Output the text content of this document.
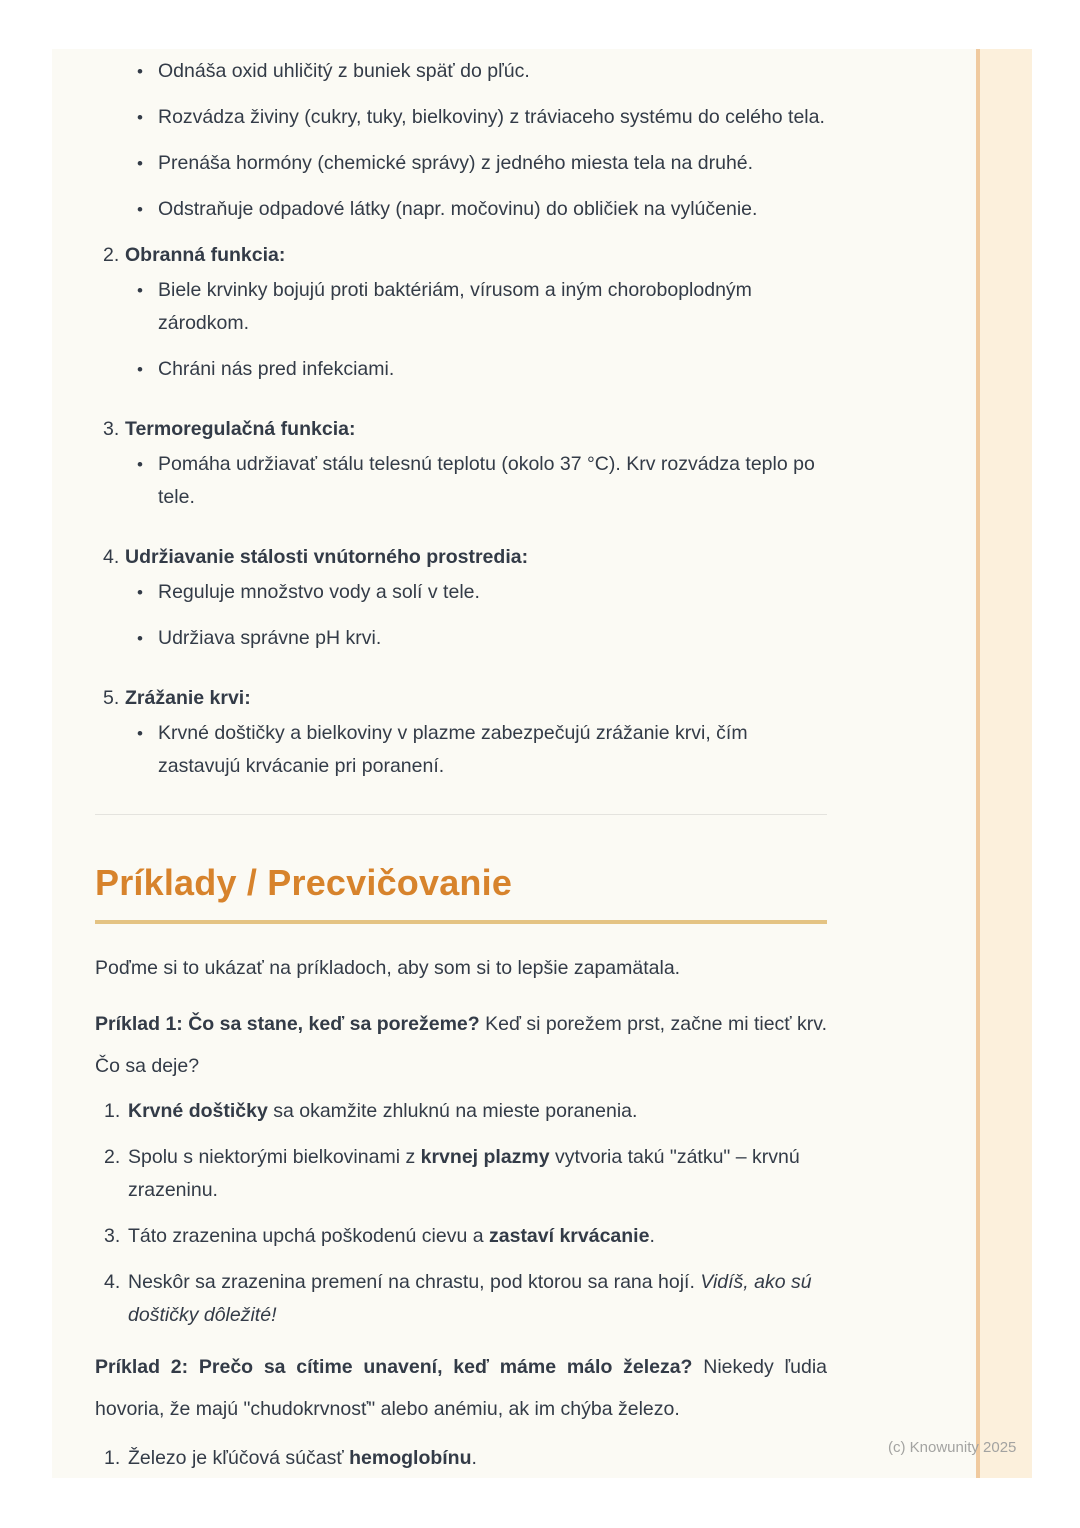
• Odnáša oxid uhličitý z buniek späť do pľúc.
• Rozvádza živiny (cukry, tuky, bielkoviny) z tráviaceho systému do celého tela.
• Prenáša hormóny (chemické správy) z jedného miesta tela na druhé.
• Odstraňuje odpadové látky (napr. močovinu) do obličiek na vylúčenie.
2. Obranná funkcia:
• Biele krvinky bojujú proti baktériám, vírusom a iným choroboplodným zárodkom.
• Chráni nás pred infekciami.
3. Termoregulačná funkcia:
• Pomáha udržiavať stálu telesnú teplotu (okolo 37 °C). Krv rozvádza teplo po tele.
4. Udržiavanie stálosti vnútorného prostredia:
• Reguluje množstvo vody a solí v tele.
• Udržiava správne pH krvi.
5. Zrážanie krvi:
• Krvné doštičky a bielkoviny v plazme zabezpečujú zrážanie krvi, čím zastavujú krvácanie pri poranení.
Príklady / Precvičovanie

Poďme si to ukázať na príkladoch, aby som si to lepšie zapamätala.

Príklad 1: Čo sa stane, keď sa porežeme? Keď si porežem prst, začne mi tiecť krv. Čo sa deje?

1. Krvné doštičky sa okamžite zhluknú na mieste poranenia.
2. Spolu s niektorými bielkovinami z krvnej plazmy vytvoria takú "zátku" – krvnú zrazeninu.
3. Táto zrazenina upchá poškodenú cievu a zastaví krvácanie.
4. Neskôr sa zrazenina premení na chrastu, pod ktorou sa rana hojí. Vidíš, ako sú doštičky dôležité!

Príklad 2: Prečo sa cítime unavení, keď máme málo železa? Niekedy ľudia hovoria, že majú "chudokrvnosť" alebo anémiu, ak im chýba železo.

1. Železo je kľúčová súčasť hemoglobínu.	(c) Knowunity 2025
